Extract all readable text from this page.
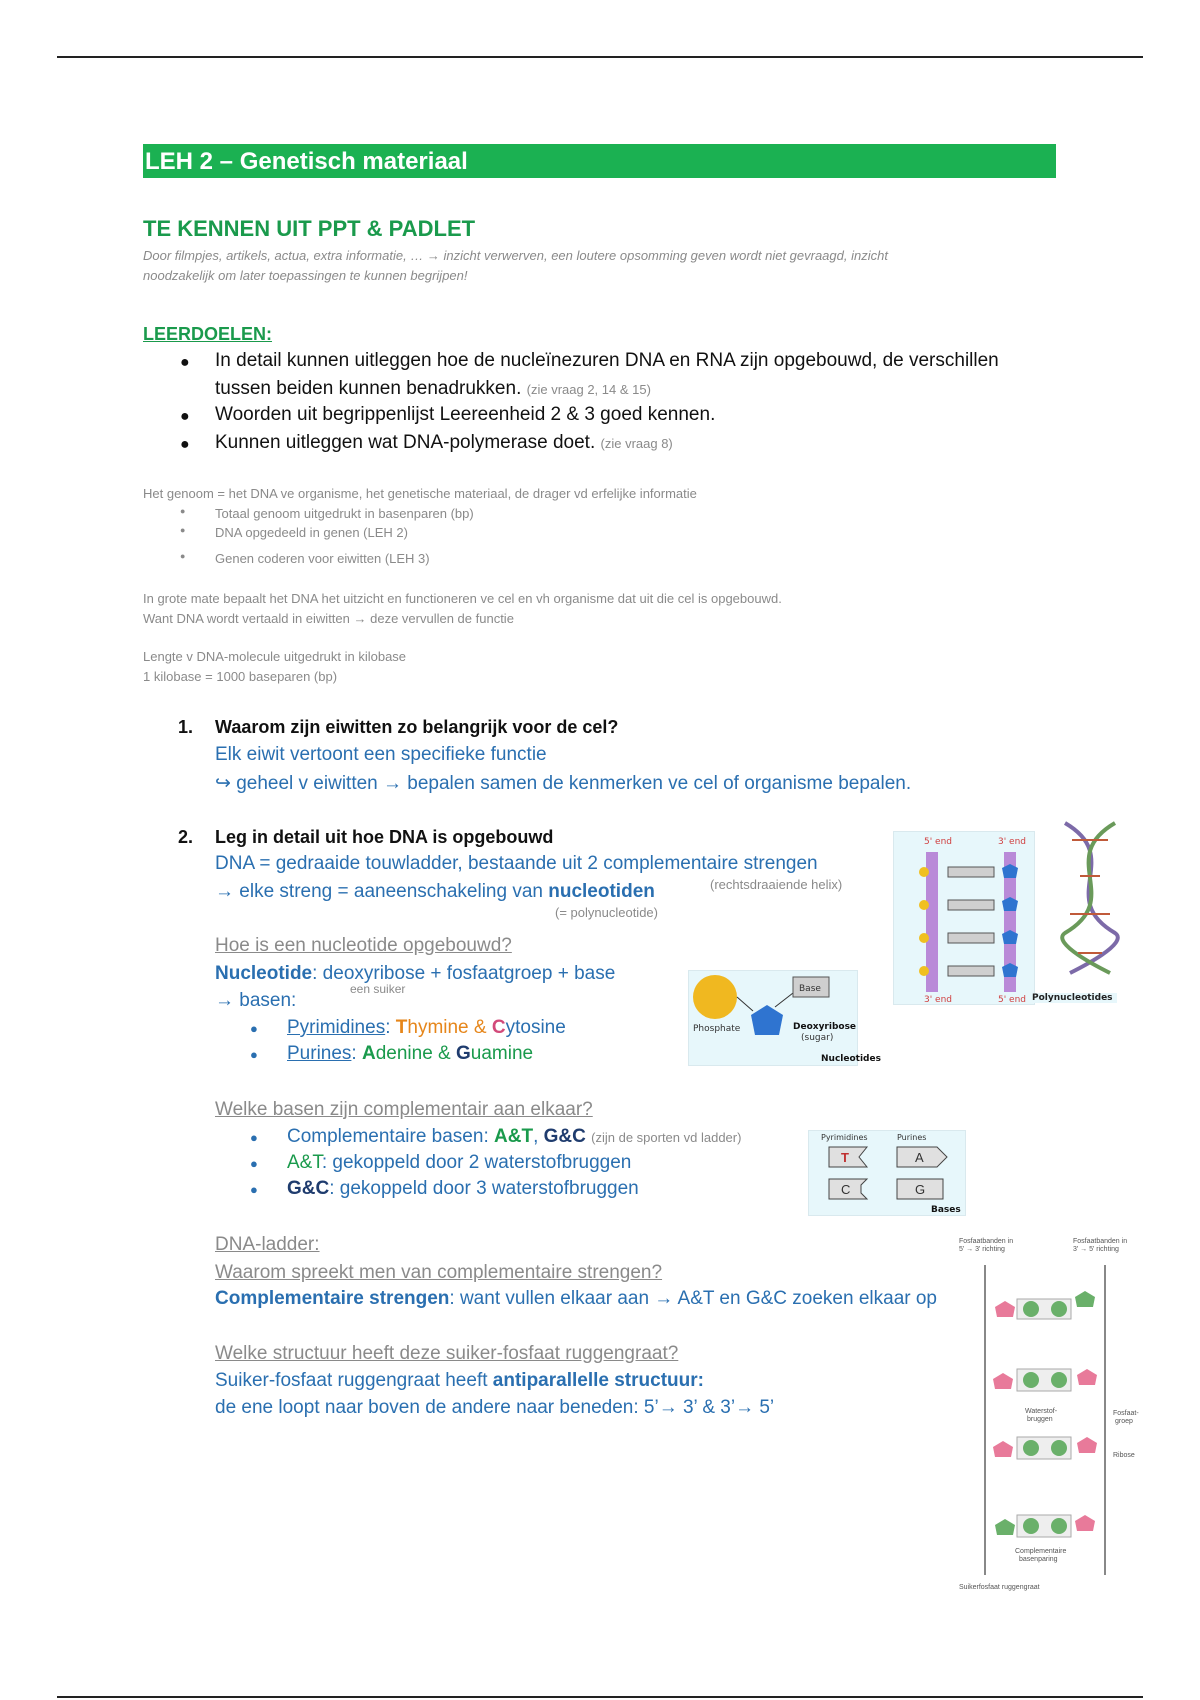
LEH 2 – Genetisch materiaal
TE KENNEN UIT PPT & PADLET
Door filmpjes, artikels, actua, extra informatie, … → inzicht verwerven, een loutere opsomming geven wordt niet gevraagd, inzicht
noodzakelijk om later toepassingen te kunnen begrijpen!
LEERDOELEN:
● In detail kunnen uitleggen hoe de nucleïnezuren DNA en RNA zijn opgebouwd, de verschillen
tussen beiden kunnen benadrukken. (zie vraag 2, 14 & 15)
● Woorden uit begrippenlijst Leereenheid 2 & 3 goed kennen.
● Kunnen uitleggen wat DNA-polymerase doet. (zie vraag 8)
Het genoom = het DNA ve organisme, het genetische materiaal, de drager vd erfelijke informatie
● Totaal genoom uitgedrukt in basenparen (bp)
● DNA opgedeeld in genen (LEH 2)
● Genen coderen voor eiwitten (LEH 3)
In grote mate bepaalt het DNA het uitzicht en functioneren ve cel en vh organisme dat uit die cel is opgebouwd.
Want DNA wordt vertaald in eiwitten → deze vervullen de functie
Lengte v DNA-molecule uitgedrukt in kilobase
1 kilobase = 1000 baseparen (bp)
1. Waarom zijn eiwitten zo belangrijk voor de cel?
Elk eiwit vertoont een specifieke functie
↪ geheel v eiwitten → bepalen samen de kenmerken ve cel of organisme bepalen.
2. Leg in detail uit hoe DNA is opgebouwd
DNA = gedraaide touwladder, bestaande uit 2 complementaire strengen
→ elke streng = aaneenschakeling van nucleotiden	(rechtsdraaiende helix)
(= polynucleotide)
Hoe is een nucleotide opgebouwd?
Nucleotide: deoxyribose + fosfaatgroep + base
een suiker
→ basen:
● Pyrimidines: Thymine & Cytosine
● Purines: Adenine & Guamine
Welke basen zijn complementair aan elkaar?
● Complementaire basen: A&T, G&C (zijn de sporten vd ladder)
● A&T: gekoppeld door 2 waterstofbruggen
● G&C: gekoppeld door 3 waterstofbruggen
DNA-ladder:
Waarom spreekt men van complementaire strengen?
Complementaire strengen: want vullen elkaar aan → A&T en G&C zoeken elkaar op
Welke structuur heeft deze suiker-fosfaat ruggengraat?
Suiker-fosfaat ruggengraat heeft antiparallelle structuur:
de ene loopt naar boven de andere naar beneden: 5’→ 3’ & 3’→ 5’
5' end	3' end
3' end	5' end Polynucleotides
Phosphate
Base
Deoxyribose
(sugar)
Nucleotides
Pyrimidines	Purines
T	A
C	G
Bases
Fosfaatbanden in
5' → 3' richting
Fosfaatbanden in
3' → 5' richting
Waterstof-
bruggen
Fosfaat-
groep
Ribose
Complementaire
basenparing
Suikerfosfaat ruggengraat
